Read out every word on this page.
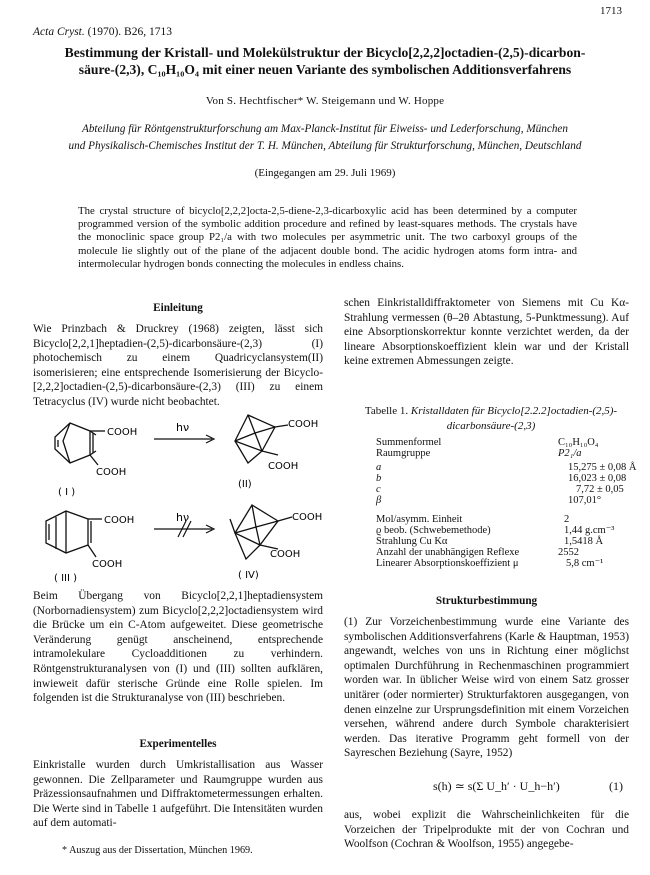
1713
Acta Cryst. (1970). B26, 1713
Bestimmung der Kristall- und Molekülstruktur der Bicyclo[2,2,2]octadien-(2,5)-dicarbon-
säure-(2,3), C₁₀H₁₀O₄ mit einer neuen Variante des symbolischen Additionsverfahrens
Von S. Hechtfischer* W. Steigemann und W. Hoppe
Abteilung für Röntgenstrukturforschung am Max-Planck-Institut für Eiweiss- und Lederforschung, München
und Physikalisch-Chemisches Institut der T. H. München, Abteilung für Strukturforschung, München, Deutschland
(Eingegangen am 29. Juli 1969)
The crystal structure of bicyclo[2,2,2]octa-2,5-diene-2,3-dicarboxylic acid has been determined by a computer programmed version of the symbolic addition procedure and refined by least-squares methods. The crystals have the monoclinic space group P2₁/a with two molecules per asymmetric unit. The two carboxyl groups of the molecule lie slightly out of the plane of the adjacent double bond. The acidic hydrogen atoms form intra- and intermolecular hydrogen bonds connecting the molecules in endless chains.
Einleitung
Wie Prinzbach & Druckrey (1968) zeigten, lässt sich Bicyclo[2,2,1]heptadien-(2,5)-dicarbonsäure-(2,3) (I) photochemisch zu einem Quadricyclansystem(II) isomerisieren; eine entsprechende Isomerisierung der Bicyclo-[2,2,2]octadien-(2,5)-dicarbonsäure-(2,3) (III) zu einem Tetracyclus (IV) wurde nicht beobachtet.
COOH
COOH
( I )
hν	COOH
COOH
(II)
COOH
COOH
( III )
hν	COOH
COOH
( IV)
Beim Übergang von Bicyclo[2,2,1]heptadiensystem (Norbornadiensystem) zum Bicyclo[2,2,2]octadiensystem wird die Brücke um ein C-Atom aufgeweitet. Diese geometrische Veränderung genügt anscheinend, entsprechende intramolekulare Cycloadditionen zu verhindern. Röntgenstrukturanalysen von (I) und (III) sollten aufklären, inwieweit dafür sterische Gründe eine Rolle spielen. Im folgenden ist die Strukturanalyse von (III) beschrieben.
Experimentelles
Einkristalle wurden durch Umkristallisation aus Wasser gewonnen. Die Zellparameter und Raumgruppe wurden aus Präzessionsaufnahmen und Diffraktometermessungen erhalten. Die Werte sind in Tabelle 1 aufgeführt. Die Intensitäten wurden auf dem automati-
* Auszug aus der Dissertation, München 1969.
schen Einkristalldiffraktometer von Siemens mit Cu Kα-Strahlung vermessen (θ–2θ Abtastung, 5-Punktmessung). Auf eine Absorptionskorrektur konnte verzichtet werden, da der lineare Absorptionskoeffizient klein war und der Kristall keine extremen Abmessungen zeigte.
Tabelle 1. Kristalldaten für Bicyclo[2.2.2]octadien-(2,5)-dicarbonsäure-(2,3)
Summenformel	C₁₀H₁₀O₄
Raumgruppe	P2₁/a
a	15,275 ± 0,08 Å
b	16,023 ± 0,08
c	7,72 ± 0,05
β	107,01°
Mol/asymm. Einheit	2
ϱ beob. (Schwebemethode)	1,44 g.cm⁻³
Strahlung Cu Kα	1,5418 Å
Anzahl der unabhängigen Reflexe	2552
Linearer Absorptionskoeffizient μ	5,8 cm⁻¹
Strukturbestimmung
(1) Zur Vorzeichenbestimmung wurde eine Variante des symbolischen Additionsverfahrens (Karle & Hauptman, 1953) angewandt, welches von uns in Richtung einer möglichst optimalen Durchführung in Rechenmaschinen programmiert worden war. In üblicher Weise wird von einem Satz grosser unitärer (oder normierter) Strukturfaktoren ausgegangen, von denen einzelne zur Ursprungsdefinition mit einem Vorzeichen versehen, während andere durch Symbole charakterisiert werden. Das iterative Programm geht formell von der Sayreschen Beziehung (Sayre, 1952)
s(h) ≃ s(Σ U_h′ · U_h−h′)	(1)
aus, wobei explizit die Wahrscheinlichkeiten für die Vorzeichen der Tripelprodukte mit der von Cochran und Woolfson (Cochran & Woolfson, 1955) angegebe-
